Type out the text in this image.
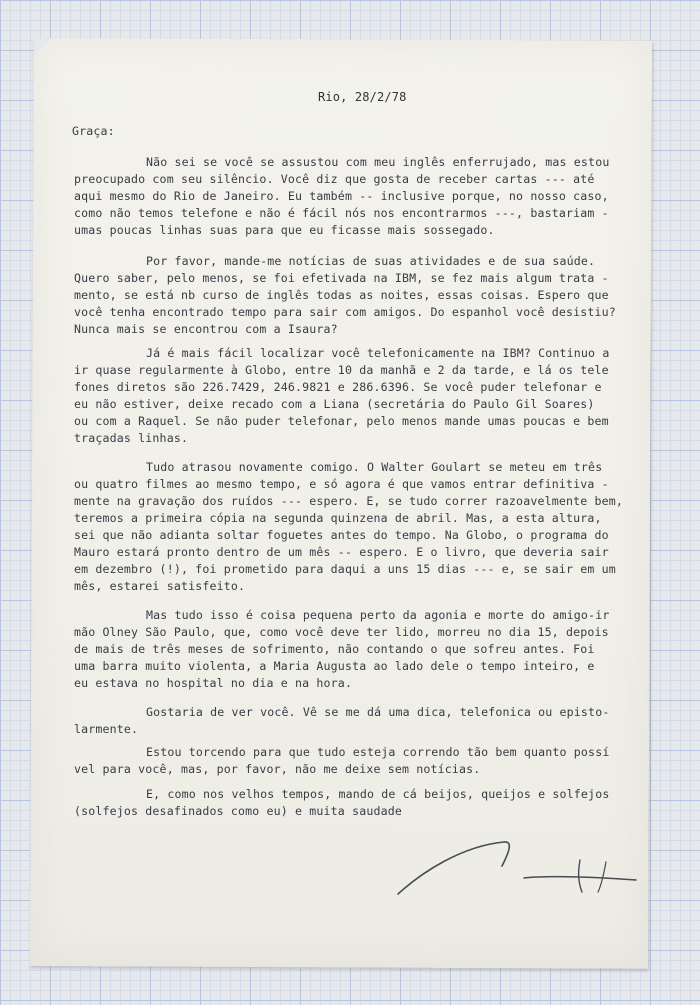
Rio, 28/2/78
Graça:
Não sei se você se assustou com meu inglês enferrujado, mas estou
preocupado com seu silêncio. Você diz que gosta de receber cartas --- até
aqui mesmo do Rio de Janeiro. Eu também -- inclusive porque, no nosso caso,
como não temos telefone e não é fácil nós nos encontrarmos ---, bastariam -
umas poucas linhas suas para que eu ficasse mais sossegado.
Por favor, mande-me notícias de suas atividades e de sua saúde.
Quero saber, pelo menos, se foi efetivada na IBM, se fez mais algum trata -
mento, se está nb curso de inglês todas as noites, essas coisas. Espero que
você tenha encontrado tempo para sair com amigos. Do espanhol você desistiu?
Nunca mais se encontrou com a Isaura?
Já é mais fácil localizar você telefonicamente na IBM? Continuo a
ir quase regularmente à Globo, entre 10 da manhã e 2 da tarde, e lá os tele
fones diretos são 226.7429, 246.9821 e 286.6396. Se você puder telefonar e
eu não estiver, deixe recado com a Liana (secretária do Paulo Gil Soares)
ou com a Raquel. Se não puder telefonar, pelo menos mande umas poucas e bem
traçadas linhas.
Tudo atrasou novamente comigo. O Walter Goulart se meteu em três
ou quatro filmes ao mesmo tempo, e só agora é que vamos entrar definitiva -
mente na gravação dos ruídos --- espero. E, se tudo correr razoavelmente bem,
teremos a primeira cópia na segunda quinzena de abril. Mas, a esta altura,
sei que não adianta soltar foguetes antes do tempo. Na Globo, o programa do
Mauro estará pronto dentro de um mês -- espero. E o livro, que deveria sair
em dezembro (!), foi prometido para daqui a uns 15 dias --- e, se sair em um
mês, estarei satisfeito.
Mas tudo isso é coisa pequena perto da agonia e morte do amigo-ir
mão Olney São Paulo, que, como você deve ter lido, morreu no dia 15, depois
de mais de três meses de sofrimento, não contando o que sofreu antes. Foi
uma barra muito violenta, a Maria Augusta ao lado dele o tempo inteiro, e
eu estava no hospital no dia e na hora.
Gostaria de ver você. Vê se me dá uma dica, telefonica ou episto-
larmente.
Estou torcendo para que tudo esteja correndo tão bem quanto possí
vel para você, mas, por favor, não me deixe sem notícias.
E, como nos velhos tempos, mando de cá beijos, queijos e solfejos
(solfejos desafinados como eu) e muita saudade
